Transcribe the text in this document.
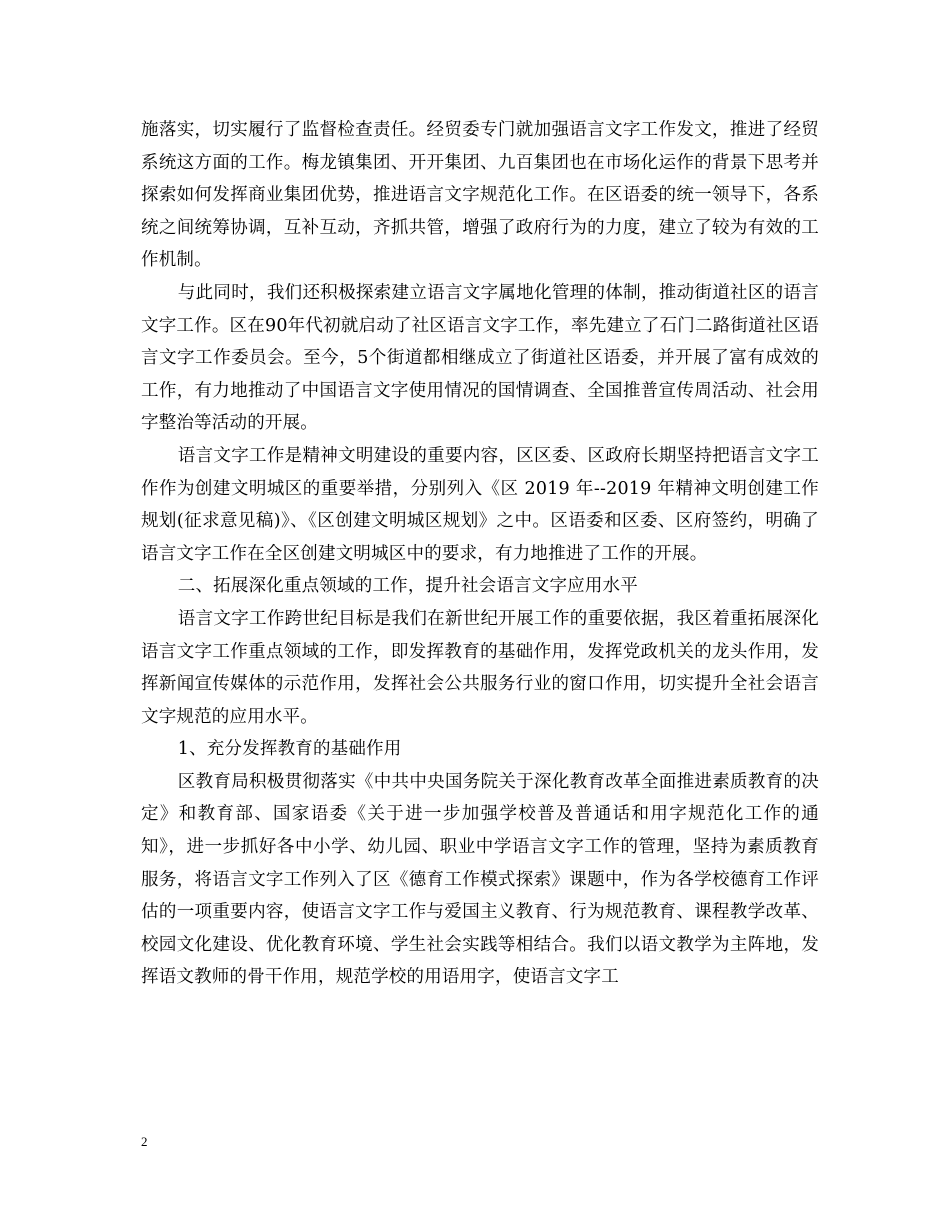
施落实，切实履行了监督检查责任。经贸委专门就加强语言文字工作发文，推进了经贸系统这方面的工作。梅龙镇集团、开开集团、九百集团也在市场化运作的背景下思考并探索如何发挥商业集团优势，推进语言文字规范化工作。在区语委的统一领导下，各系统之间统筹协调，互补互动，齐抓共管，增强了政府行为的力度，建立了较为有效的工作机制。

与此同时，我们还积极探索建立语言文字属地化管理的体制，推动街道社区的语言文字工作。区在90年代初就启动了社区语言文字工作，率先建立了石门二路街道社区语言文字工作委员会。至今，5个街道都相继成立了街道社区语委，并开展了富有成效的工作，有力地推动了中国语言文字使用情况的国情调查、全国推普宣传周活动、社会用字整治等活动的开展。

语言文字工作是精神文明建设的重要内容，区区委、区政府长期坚持把语言文字工作作为创建文明城区的重要举措，分别列入《区 2019 年--2019 年精神文明创建工作规划(征求意见稿)》、《区创建文明城区规划》之中。区语委和区委、区府签约，明确了语言文字工作在全区创建文明城区中的要求，有力地推进了工作的开展。

二、拓展深化重点领域的工作，提升社会语言文字应用水平

语言文字工作跨世纪目标是我们在新世纪开展工作的重要依据，我区着重拓展深化语言文字工作重点领域的工作，即发挥教育的基础作用，发挥党政机关的龙头作用，发挥新闻宣传媒体的示范作用，发挥社会公共服务行业的窗口作用，切实提升全社会语言文字规范的应用水平。

1、充分发挥教育的基础作用

区教育局积极贯彻落实《中共中央国务院关于深化教育改革全面推进素质教育的决定》和教育部、国家语委《关于进一步加强学校普及普通话和用字规范化工作的通知》，进一步抓好各中小学、幼儿园、职业中学语言文字工作的管理，坚持为素质教育服务，将语言文字工作列入了区《德育工作模式探索》课题中，作为各学校德育工作评估的一项重要内容，使语言文字工作与爱国主义教育、行为规范教育、课程教学改革、校园文化建设、优化教育环境、学生社会实践等相结合。我们以语文教学为主阵地，发挥语文教师的骨干作用，规范学校的用语用字，使语言文字工

2
